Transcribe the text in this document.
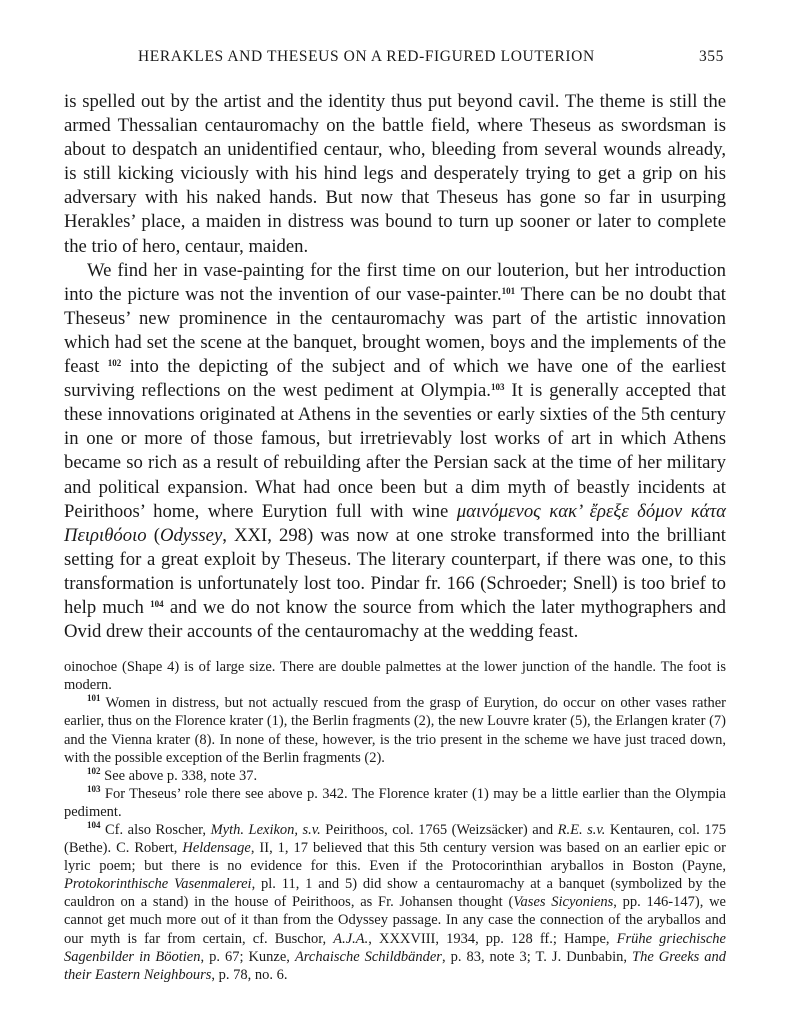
HERAKLES AND THESEUS ON A RED-FIGURED LOUTERION	355

is spelled out by the artist and the identity thus put beyond cavil. The theme is still the armed Thessalian centauromachy on the battle field, where Theseus as swordsman is about to despatch an unidentified centaur, who, bleeding from several wounds already, is still kicking viciously with his hind legs and desperately trying to get a grip on his adversary with his naked hands. But now that Theseus has gone so far in usurping Herakles’ place, a maiden in distress was bound to turn up sooner or later to complete the trio of hero, centaur, maiden.

We find her in vase-painting for the first time on our louterion, but her introduction into the picture was not the invention of our vase-painter.$^{101}$ There can be no doubt that Theseus’ new prominence in the centauromachy was part of the artistic innovation which had set the scene at the banquet, brought women, boys and the implements of the feast $^{102}$ into the depicting of the subject and of which we have one of the earliest surviving reflections on the west pediment at Olympia.$^{103}$ It is generally accepted that these innovations originated at Athens in the seventies or early sixties of the 5th century in one or more of those famous, but irretrievably lost works of art in which Athens became so rich as a result of rebuilding after the Persian sack at the time of her military and political expansion. What had once been but a dim myth of beastly incidents at Peirithoos’ home, where Eurytion full with wine μαινόμενος κακ’ ἔρεξε δόμον κάτα Πειριθόοιο (Odyssey, XXI, 298) was now at one stroke transformed into the brilliant setting for a great exploit by Theseus. The literary counterpart, if there was one, to this transformation is unfortunately lost too. Pindar fr. 166 (Schroeder; Snell) is too brief to help much $^{104}$ and we do not know the source from which the later mythographers and Ovid drew their accounts of the centauromachy at the wedding feast.

oinochoe (Shape 4) is of large size. There are double palmettes at the lower junction of the handle. The foot is modern.

$^{101}$ Women in distress, but not actually rescued from the grasp of Eurytion, do occur on other vases rather earlier, thus on the Florence krater (1), the Berlin fragments (2), the new Louvre krater (5), the Erlangen krater (7) and the Vienna krater (8). In none of these, however, is the trio present in the scheme we have just traced down, with the possible exception of the Berlin fragments (2).

$^{102}$ See above p. 338, note 37.

$^{103}$ For Theseus’ role there see above p. 342. The Florence krater (1) may be a little earlier than the Olympia pediment.

$^{104}$ Cf. also Roscher, Myth. Lexikon, s.v. Peirithoos, col. 1765 (Weizsäcker) and R.E. s.v. Kentauren, col. 175 (Bethe). C. Robert, Heldensage, II, 1, 17 believed that this 5th century version was based on an earlier epic or lyric poem; but there is no evidence for this. Even if the Protocorinthian aryballos in Boston (Payne, Protokorinthische Vasenmalerei, pl. 11, 1 and 5) did show a centauromachy at a banquet (symbolized by the cauldron on a stand) in the house of Peirithoos, as Fr. Johansen thought (Vases Sicyoniens, pp. 146-147), we cannot get much more out of it than from the Odyssey passage. In any case the connection of the aryballos and our myth is far from certain, cf. Buschor, A.J.A., XXXVIII, 1934, pp. 128 ff.; Hampe, Frühe griechische Sagenbilder in Böotien, p. 67; Kunze, Archaische Schildbänder, p. 83, note 3; T. J. Dunbabin, The Greeks and their Eastern Neighbours, p. 78, no. 6.
